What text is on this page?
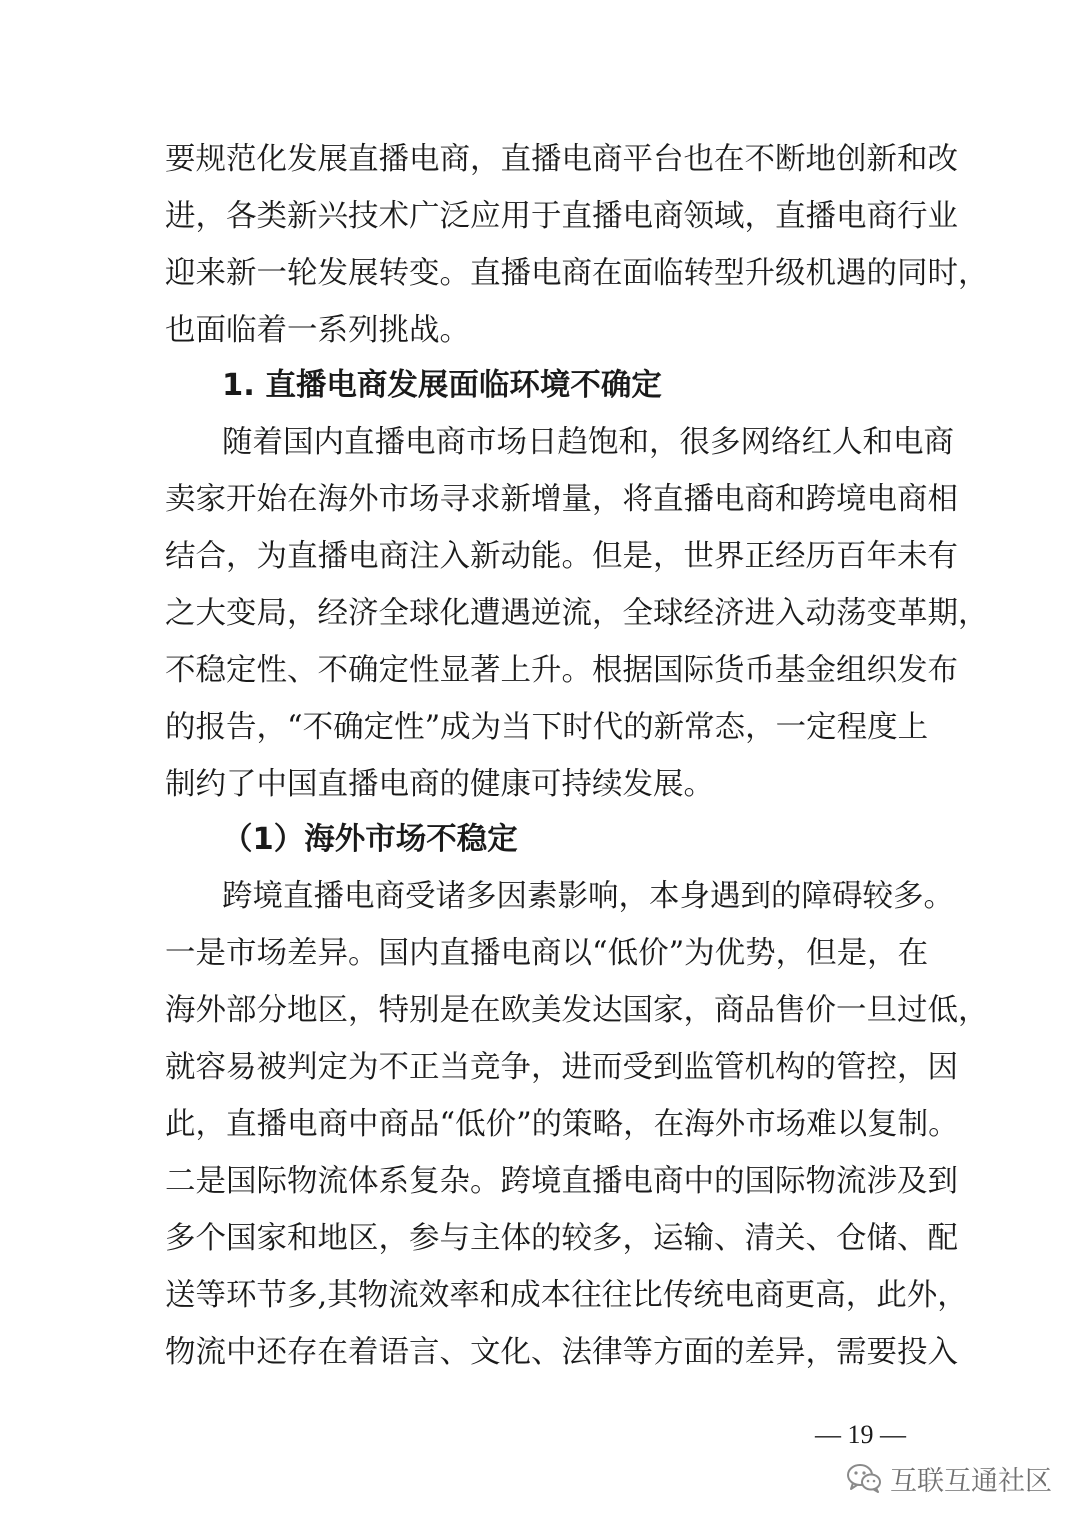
要规范化发展直播电商，直播电商平台也在不断地创新和改
进，各类新兴技术广泛应用于直播电商领域，直播电商行业
迎来新一轮发展转变。直播电商在面临转型升级机遇的同时，
也面临着一系列挑战。
1. 直播电商发展面临环境不确定
随着国内直播电商市场日趋饱和，很多网络红人和电商
卖家开始在海外市场寻求新增量，将直播电商和跨境电商相
结合，为直播电商注入新动能。但是，世界正经历百年未有
之大变局，经济全球化遭遇逆流，全球经济进入动荡变革期，
不稳定性、不确定性显著上升。根据国际货币基金组织发布
的报告，“不确定性”成为当下时代的新常态，一定程度上
制约了中国直播电商的健康可持续发展。
（1）海外市场不稳定
跨境直播电商受诸多因素影响，本身遇到的障碍较多。
一是市场差异。国内直播电商以“低价”为优势，但是，在
海外部分地区，特别是在欧美发达国家，商品售价一旦过低，
就容易被判定为不正当竞争，进而受到监管机构的管控，因
此，直播电商中商品“低价”的策略，在海外市场难以复制。
二是国际物流体系复杂。跨境直播电商中的国际物流涉及到
多个国家和地区，参与主体的较多，运输、清关、仓储、配
送等环节多,其物流效率和成本往往比传统电商更高，此外，
物流中还存在着语言、文化、法律等方面的差异，需要投入
— 19 —
互联互通社区
